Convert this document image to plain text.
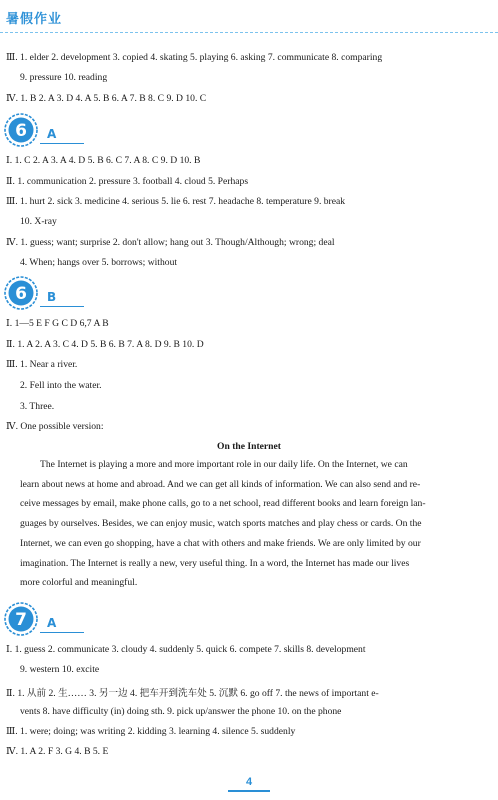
暑假作业
Ⅲ. 1. elder 2. development 3. copied 4. skating 5. playing 6. asking 7. communicate 8. comparing
9. pressure 10. reading
Ⅳ. 1. B 2. A 3. D 4. A 5. B 6. A 7. B 8. C 9. D 10. C
6 A
Ⅰ. 1. C 2. A 3. A 4. D 5. B 6. C 7. A 8. C 9. D 10. B
Ⅱ. 1. communication 2. pressure 3. football 4. cloud 5. Perhaps
Ⅲ. 1. hurt 2. sick 3. medicine 4. serious 5. lie 6. rest 7. headache 8. temperature 9. break
10. X-ray
Ⅳ. 1. guess; want; surprise 2. don't allow; hang out 3. Though/Although; wrong; deal
4. When; hangs over 5. borrows; without
6 B
Ⅰ. 1—5 E F G C D 6,7 A B
Ⅱ. 1. A 2. A 3. C 4. D 5. B 6. B 7. A 8. D 9. B 10. D
Ⅲ. 1. Near a river.
2. Fell into the water.
3. Three.
Ⅳ. One possible version:
On the Internet
The Internet is playing a more and more important role in our daily life. On the Internet, we can
learn about news at home and abroad. And we can get all kinds of information. We can also send and re-
ceive messages by email, make phone calls, go to a net school, read different books and learn foreign lan-
guages by ourselves. Besides, we can enjoy music, watch sports matches and play chess or cards. On the
Internet, we can even go shopping, have a chat with others and make friends. We are only limited by our
imagination. The Internet is really a new, very useful thing. In a word, the Internet has made our lives
more colorful and meaningful.
7 A
Ⅰ. 1. guess 2. communicate 3. cloudy 4. suddenly 5. quick 6. compete 7. skills 8. development
9. western 10. excite
Ⅱ. 1. 从前 2. 生…… 3. 另一边 4. 把车开到洗车处 5. 沉默 6. go off 7. the news of important e-
vents 8. have difficulty (in) doing sth. 9. pick up/answer the phone 10. on the phone
Ⅲ. 1. were; doing; was writing 2. kidding 3. learning 4. silence 5. suddenly
Ⅳ. 1. A 2. F 3. G 4. B 5. E
4
